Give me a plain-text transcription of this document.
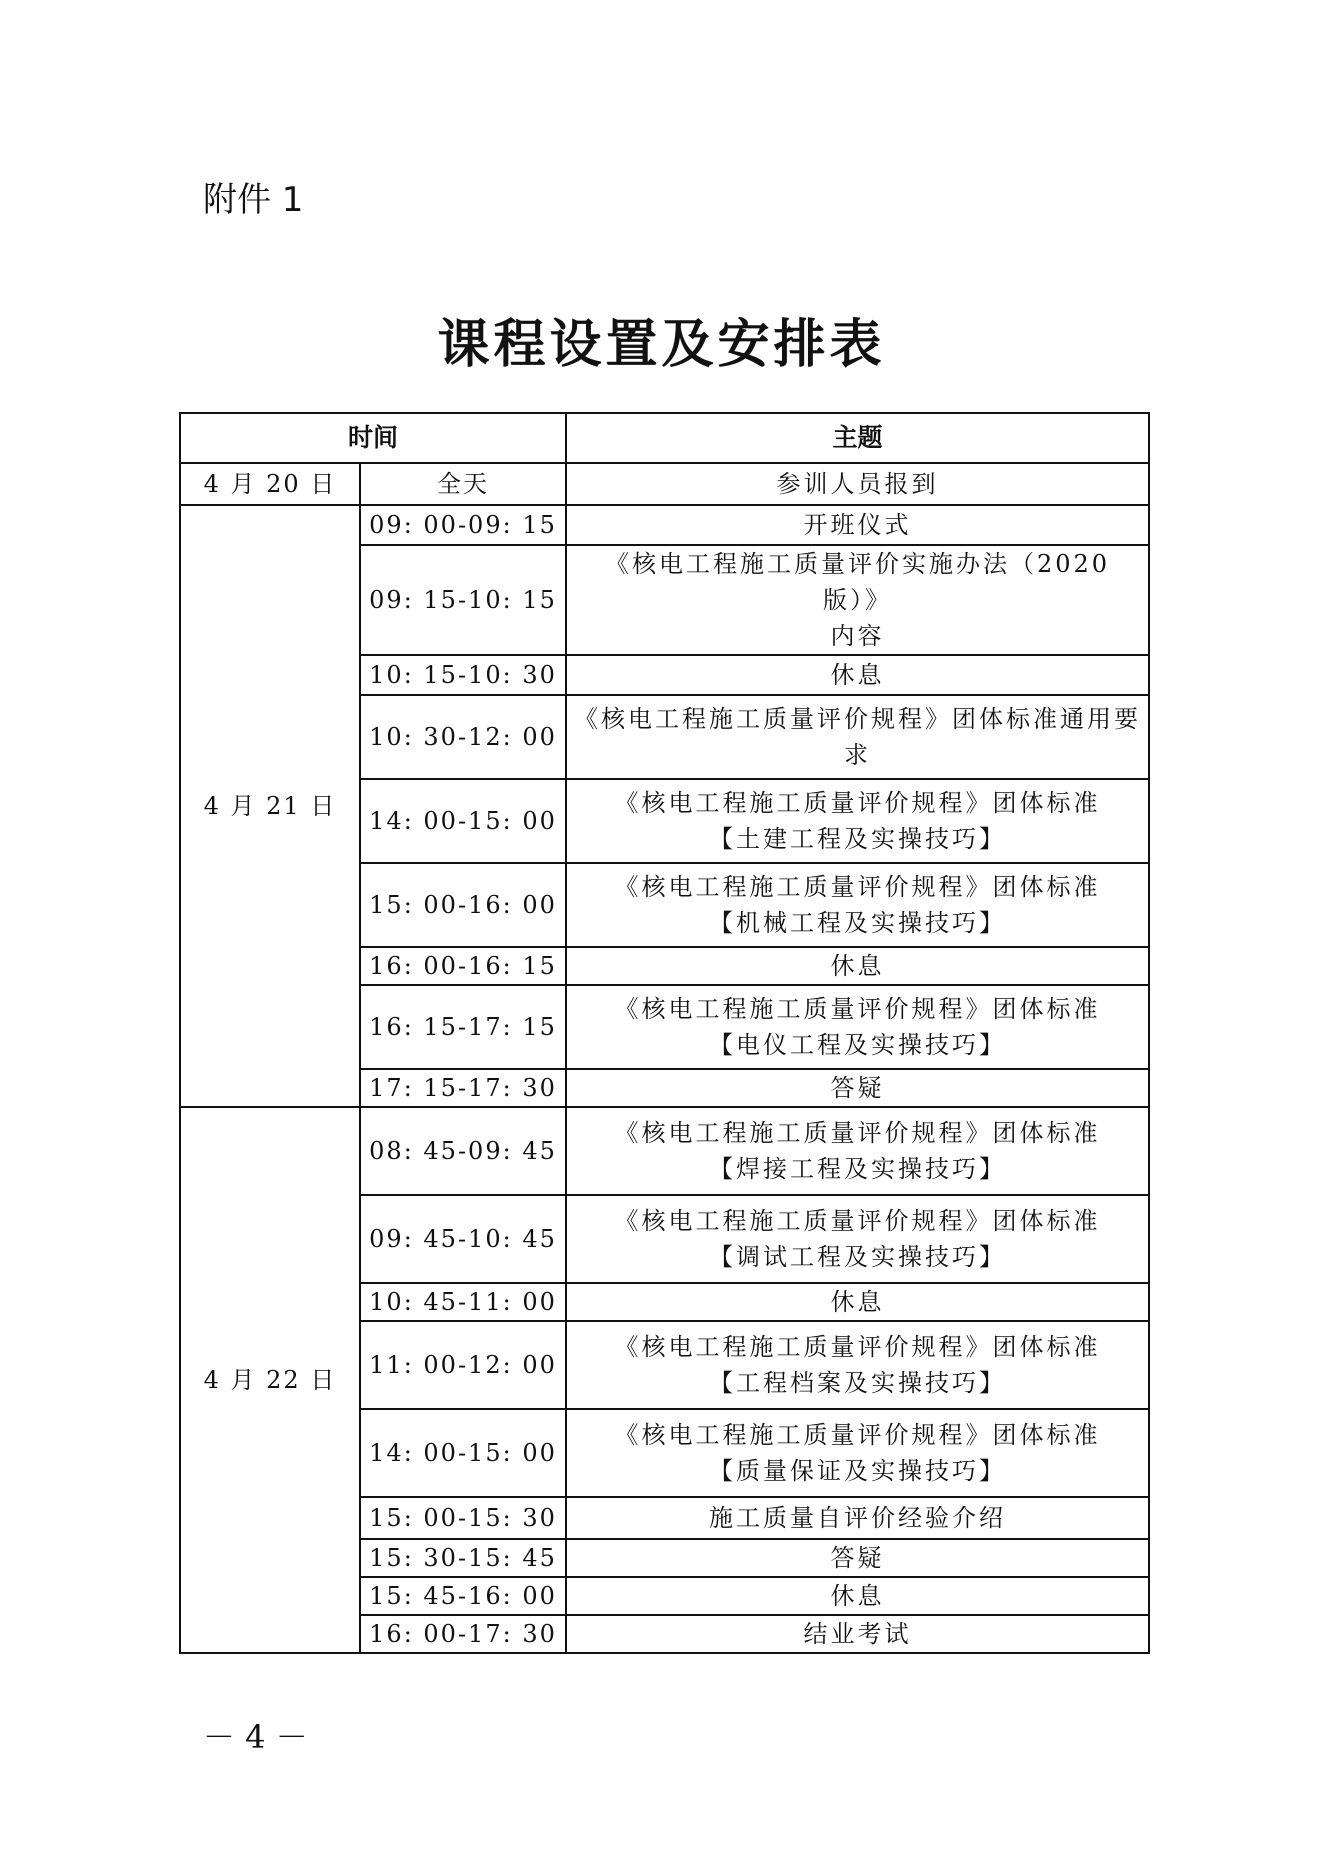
附件 1
课程设置及安排表
时间		主题
4 月 20 日	全天	参训人员报到
4 月 21 日	09: 00-09: 15	开班仪式

	09: 15-10: 15	《核电工程施工质量评价实施办法（2020 版）》
内容

	10: 15-10: 30	休息

	10: 30-12: 00	《核电工程施工质量评价规程》团体标准通用要
求

	14: 00-15: 00	《核电工程施工质量评价规程》团体标准
【土建工程及实操技巧】

	15: 00-16: 00	《核电工程施工质量评价规程》团体标准
【机械工程及实操技巧】

	16: 00-16: 15	休息

	16: 15-17: 15	《核电工程施工质量评价规程》团体标准
【电仪工程及实操技巧】

	17: 15-17: 30	答疑

4 月 22 日	08: 45-09: 45	《核电工程施工质量评价规程》团体标准
【焊接工程及实操技巧】

	09: 45-10: 45	《核电工程施工质量评价规程》团体标准
【调试工程及实操技巧】

	10: 45-11: 00	休息

	11: 00-12: 00	《核电工程施工质量评价规程》团体标准
【工程档案及实操技巧】

	14: 00-15: 00	《核电工程施工质量评价规程》团体标准
【质量保证及实操技巧】

	15: 00-15: 30	施工质量自评价经验介绍

	15: 30-15: 45	答疑

	15: 45-16: 00	休息

	16: 00-17: 30	结业考试
－ 4 －
